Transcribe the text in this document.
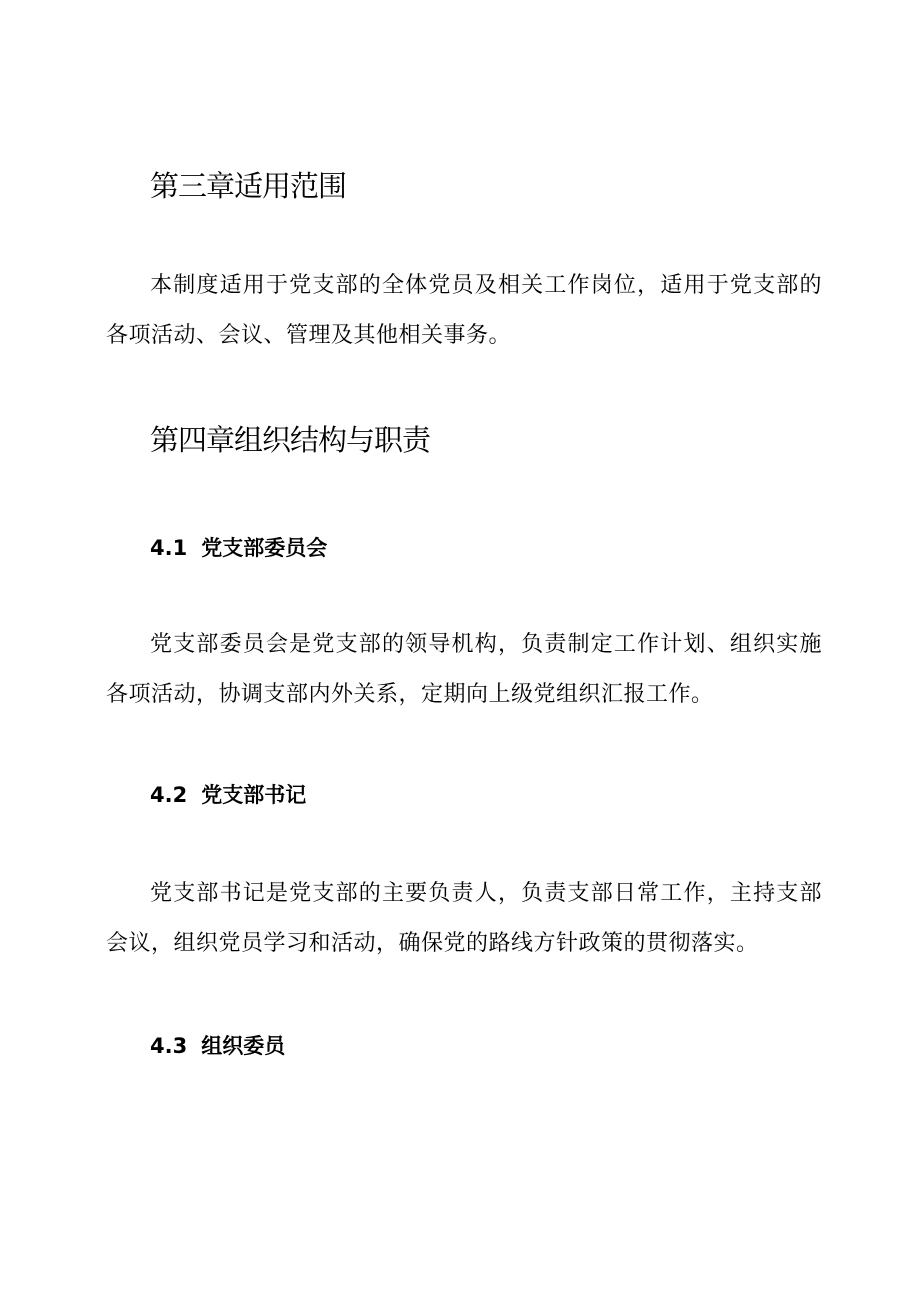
第三章适用范围

本制度适用于党支部的全体党员及相关工作岗位，适用于党支部的各项活动、会议、管理及其他相关事务。

第四章组织结构与职责
4.1 党支部委员会

党支部委员会是党支部的领导机构，负责制定工作计划、组织实施各项活动，协调支部内外关系，定期向上级党组织汇报工作。

4.2 党支部书记

党支部书记是党支部的主要负责人，负责支部日常工作，主持支部会议，组织党员学习和活动，确保党的路线方针政策的贯彻落实。

4.3 组织委员
